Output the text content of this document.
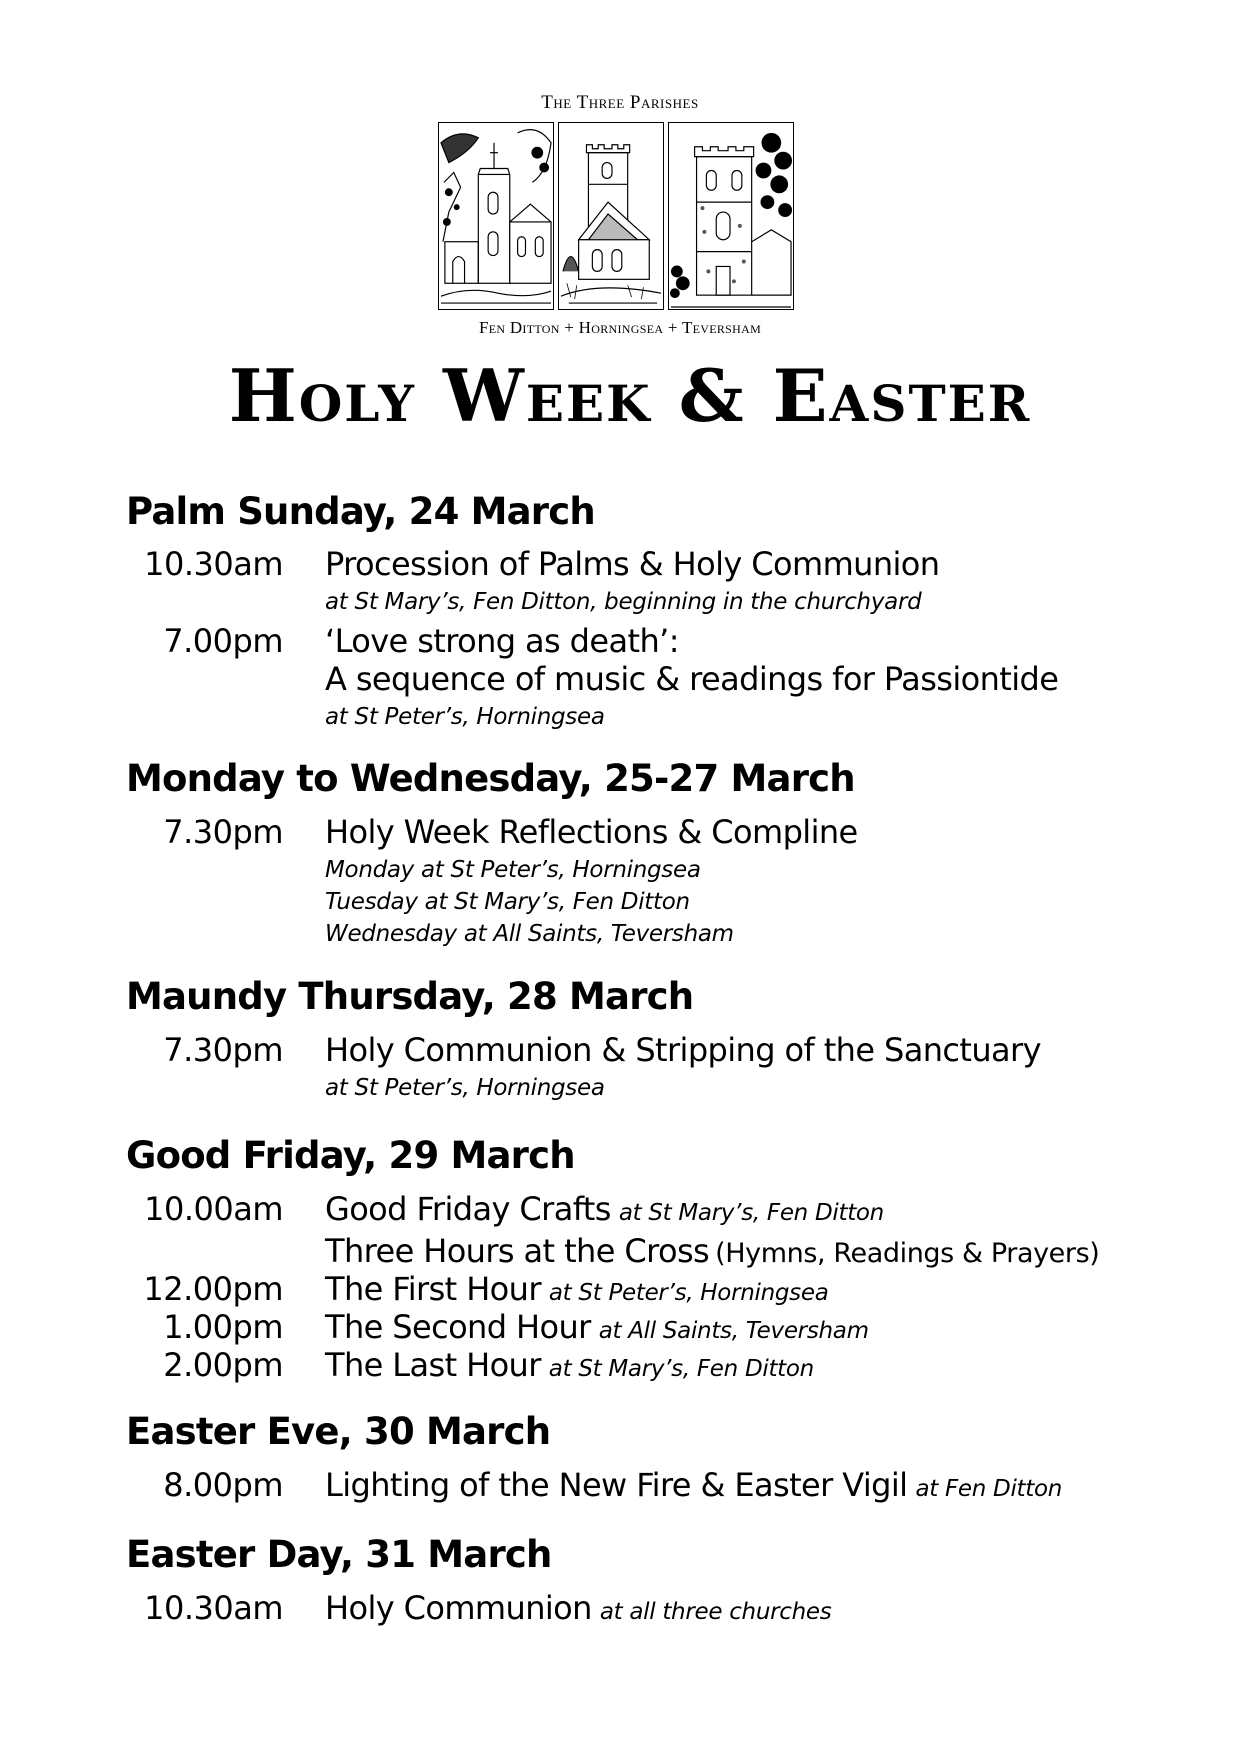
The Three Parishes
Fen Ditton + Horningsea + Teversham
Holy Week & Easter
Palm Sunday, 24 March
10.30am Procession of Palms & Holy Communion
at St Mary’s, Fen Ditton, beginning in the churchyard
7.00pm ‘Love strong as death’:
A sequence of music & readings for Passiontide
at St Peter’s, Horningsea
Monday to Wednesday, 25-27 March
7.30pm Holy Week Reflections & Compline
Monday at St Peter’s, Horningsea
Tuesday at St Mary’s, Fen Ditton
Wednesday at All Saints, Teversham
Maundy Thursday, 28 March
7.30pm Holy Communion & Stripping of the Sanctuary
at St Peter’s, Horningsea
Good Friday, 29 March
10.00am Good Friday Crafts at St Mary’s, Fen Ditton
Three Hours at the Cross (Hymns, Readings & Prayers)
12.00pm The First Hour at St Peter’s, Horningsea
1.00pm The Second Hour at All Saints, Teversham
2.00pm The Last Hour at St Mary’s, Fen Ditton
Easter Eve, 30 March
8.00pm Lighting of the New Fire & Easter Vigil at Fen Ditton
Easter Day, 31 March
10.30am Holy Communion at all three churches
